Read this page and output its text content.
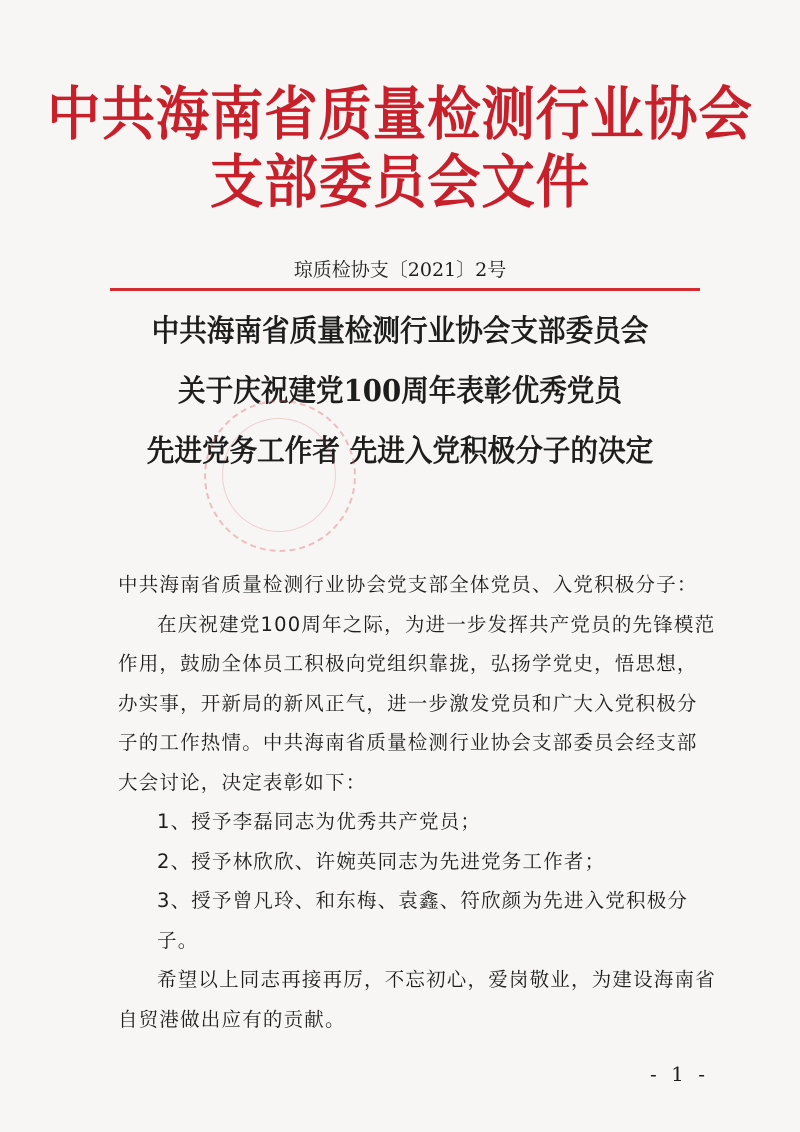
中共海南省质量检测行业协会
支部委员会文件
琼质检协支〔2021〕2号
中共海南省质量检测行业协会支部委员会
关于庆祝建党100周年表彰优秀党员
先进党务工作者 先进入党积极分子的决定

中共海南省质量检测行业协会党支部全体党员、入党积极分子：

在庆祝建党100周年之际，为进一步发挥共产党员的先锋模范作用，鼓励全体员工积极向党组织靠拢，弘扬学党史，悟思想，办实事，开新局的新风正气，进一步激发党员和广大入党积极分子的工作热情。中共海南省质量检测行业协会支部委员会经支部大会讨论，决定表彰如下：

1、授予李磊同志为优秀共产党员；

2、授予林欣欣、许婉英同志为先进党务工作者；

3、授予曾凡玲、和东梅、袁鑫、符欣颜为先进入党积极分子。

希望以上同志再接再厉，不忘初心，爱岗敬业，为建设海南省自贸港做出应有的贡献。

- 1 -
